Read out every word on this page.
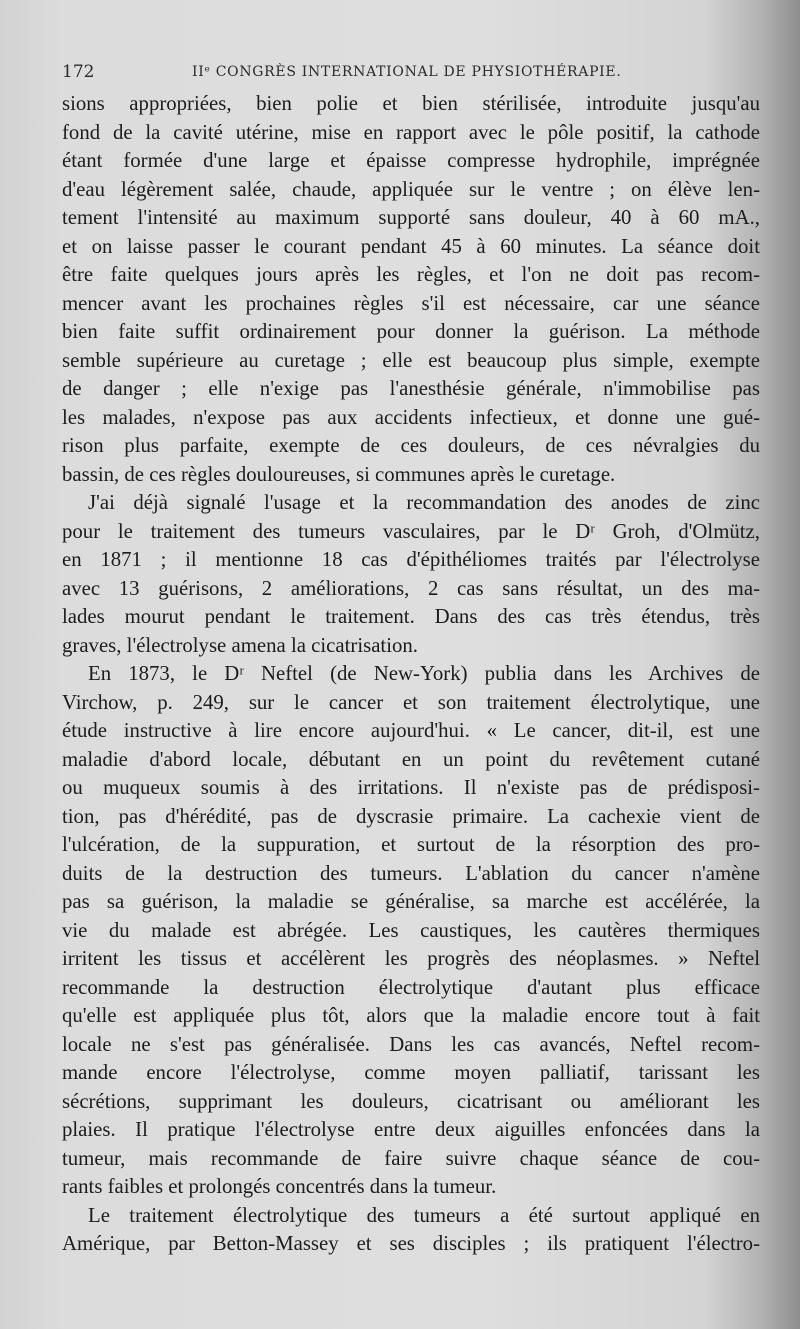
172	IIᵉ CONGRÈS INTERNATIONAL DE PHYSIOTHÉRAPIE.
sions appropriées, bien polie et bien stérilisée, introduite jusqu'au
fond de la cavité utérine, mise en rapport avec le pôle positif, la cathode
étant formée d'une large et épaisse compresse hydrophile, imprégnée
d'eau légèrement salée, chaude, appliquée sur le ventre ; on élève len-
tement l'intensité au maximum supporté sans douleur, 40 à 60 mA.,
et on laisse passer le courant pendant 45 à 60 minutes. La séance doit
être faite quelques jours après les règles, et l'on ne doit pas recom-
mencer avant les prochaines règles s'il est nécessaire, car une séance
bien faite suffit ordinairement pour donner la guérison. La méthode
semble supérieure au curetage ; elle est beaucoup plus simple, exempte
de danger ; elle n'exige pas l'anesthésie générale, n'immobilise pas
les malades, n'expose pas aux accidents infectieux, et donne une gué-
rison plus parfaite, exempte de ces douleurs, de ces névralgies du
bassin, de ces règles douloureuses, si communes après le curetage.
J'ai déjà signalé l'usage et la recommandation des anodes de zinc
pour le traitement des tumeurs vasculaires, par le Dʳ Groh, d'Olmütz,
en 1871 ; il mentionne 18 cas d'épithéliomes traités par l'électrolyse
avec 13 guérisons, 2 améliorations, 2 cas sans résultat, un des ma-
lades mourut pendant le traitement. Dans des cas très étendus, très
graves, l'électrolyse amena la cicatrisation.
En 1873, le Dʳ Neftel (de New-York) publia dans les Archives de
Virchow, p. 249, sur le cancer et son traitement électrolytique, une
étude instructive à lire encore aujourd'hui. « Le cancer, dit-il, est une
maladie d'abord locale, débutant en un point du revêtement cutané
ou muqueux soumis à des irritations. Il n'existe pas de prédisposi-
tion, pas d'hérédité, pas de dyscrasie primaire. La cachexie vient de
l'ulcération, de la suppuration, et surtout de la résorption des pro-
duits de la destruction des tumeurs. L'ablation du cancer n'amène
pas sa guérison, la maladie se généralise, sa marche est accélérée, la
vie du malade est abrégée. Les caustiques, les cautères thermiques
irritent les tissus et accélèrent les progrès des néoplasmes. » Neftel
recommande la destruction électrolytique d'autant plus efficace
qu'elle est appliquée plus tôt, alors que la maladie encore tout à fait
locale ne s'est pas généralisée. Dans les cas avancés, Neftel recom-
mande encore l'électrolyse, comme moyen palliatif, tarissant les
sécrétions, supprimant les douleurs, cicatrisant ou améliorant les
plaies. Il pratique l'électrolyse entre deux aiguilles enfoncées dans la
tumeur, mais recommande de faire suivre chaque séance de cou-
rants faibles et prolongés concentrés dans la tumeur.
Le traitement électrolytique des tumeurs a été surtout appliqué en
Amérique, par Betton-Massey et ses disciples ; ils pratiquent l'électro-
